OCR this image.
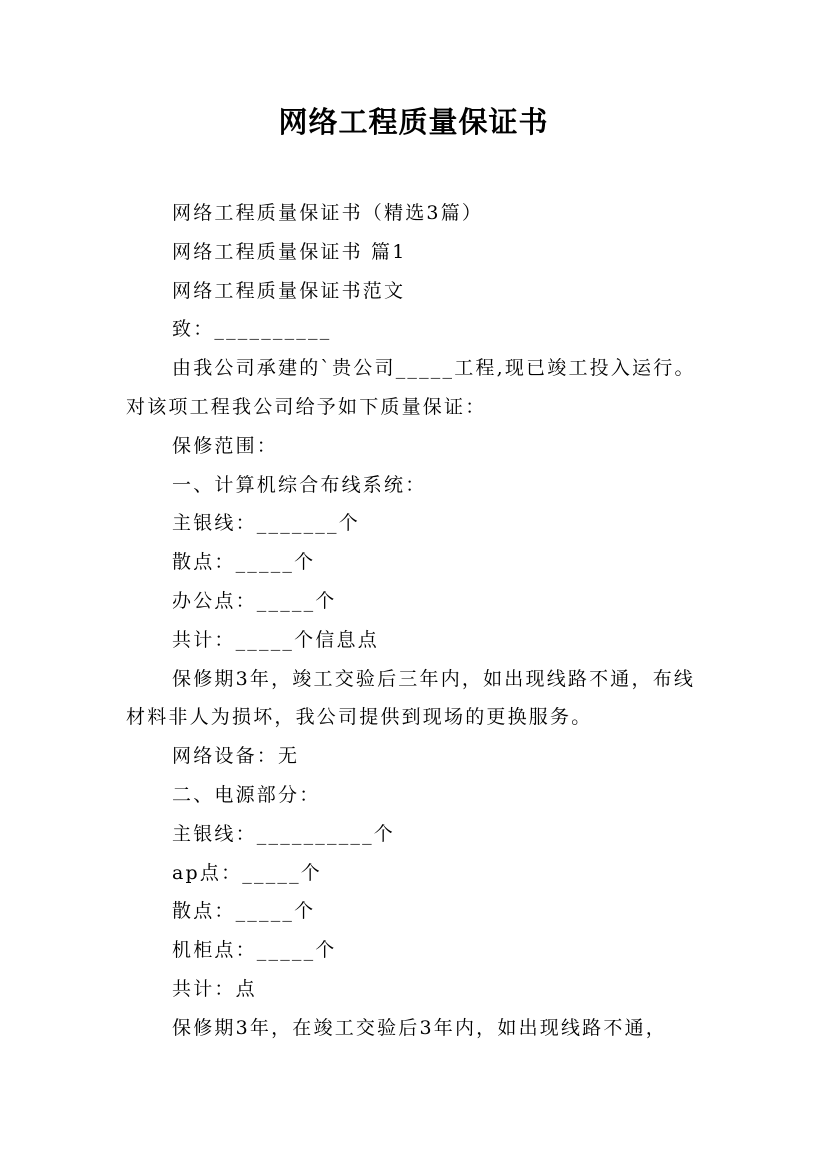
网络工程质量保证书

网络工程质量保证书（精选3篇）

网络工程质量保证书 篇1

网络工程质量保证书范文

致：__________

由我公司承建的`贵公司_____工程,现已竣工投入运行。对该项工程我公司给予如下质量保证：

保修范围：

一、计算机综合布线系统：

主银线：_______个

散点：_____个

办公点：_____个

共计：_____个信息点

保修期3年，竣工交验后三年内，如出现线路不通，布线材料非人为损坏，我公司提供到现场的更换服务。

网络设备：无

二、电源部分：

主银线：__________个

ap点：_____个

散点：_____个

机柜点：_____个

共计：点

保修期3年，在竣工交验后3年内，如出现线路不通，
